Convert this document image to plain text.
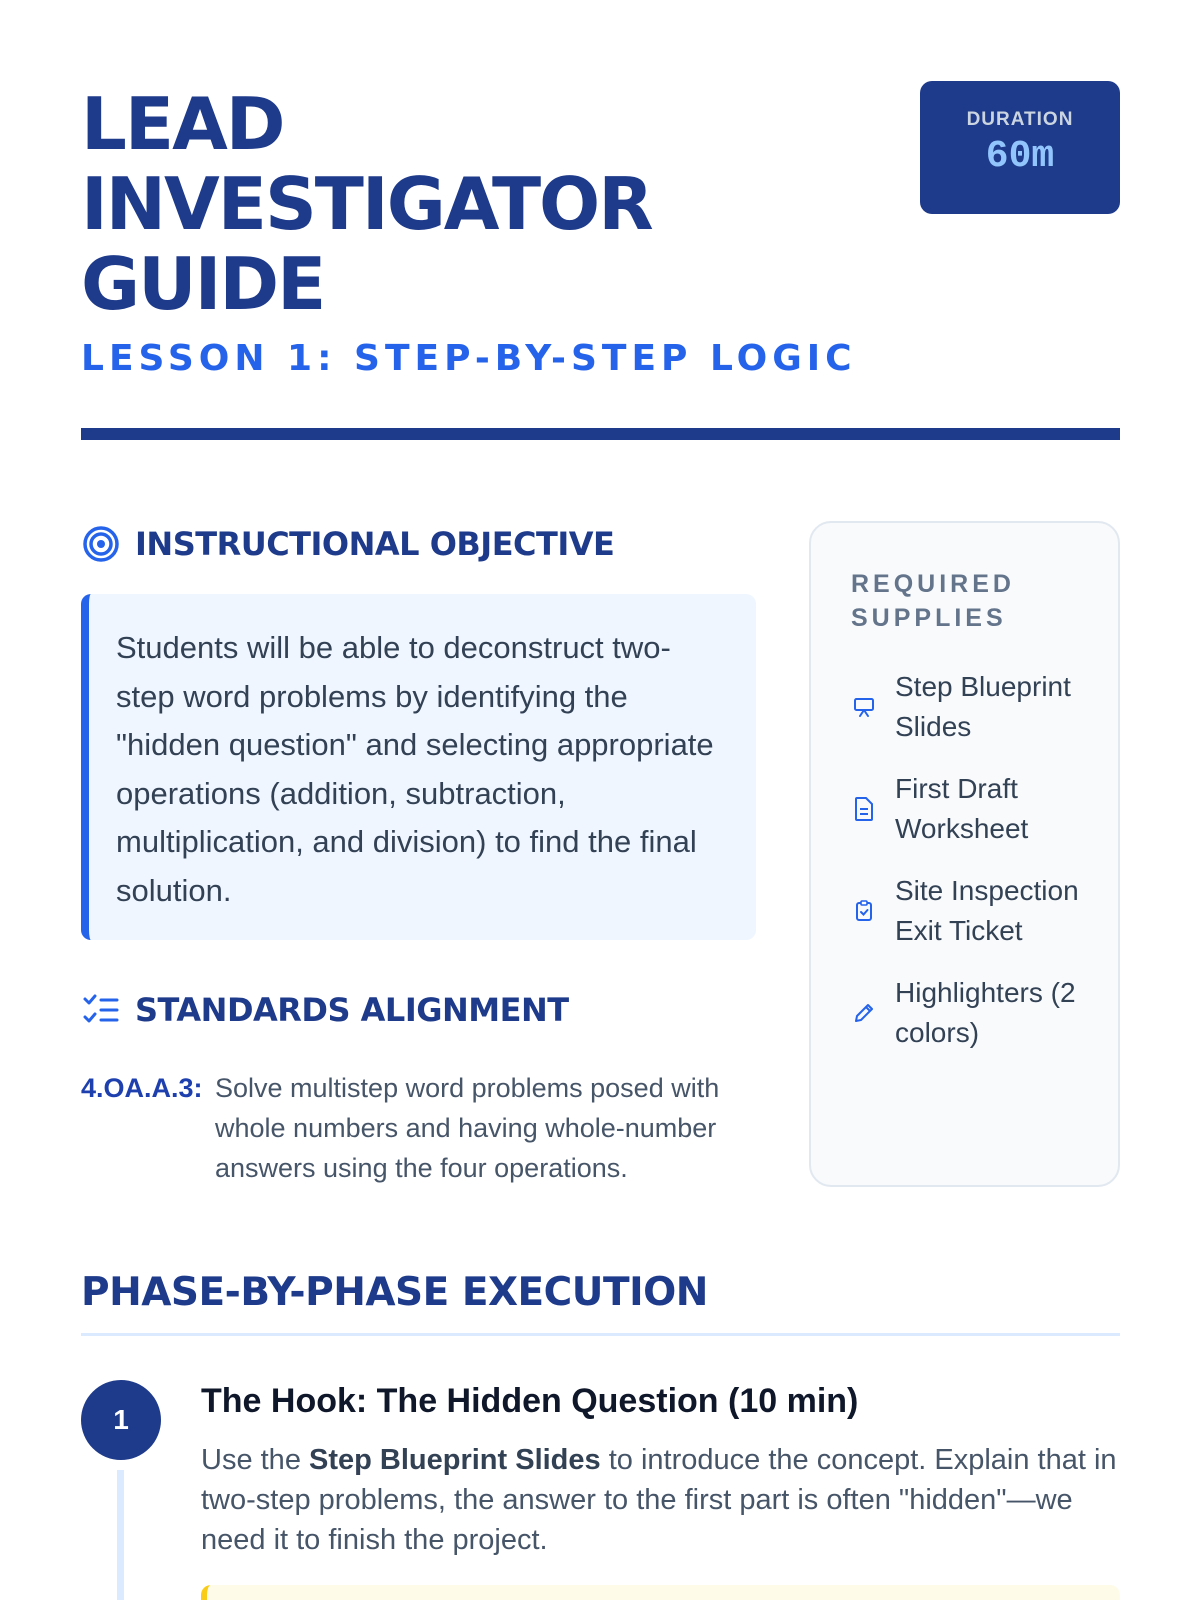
LEAD
INVESTIGATOR
GUIDE
LESSON 1: STEP-BY-STEP LOGIC
DURATION
60m
INSTRUCTIONAL OBJECTIVE
Students will be able to deconstruct two-step word problems by identifying the "hidden question" and selecting appropriate operations (addition, subtraction, multiplication, and division) to find the final solution.
STANDARDS ALIGNMENT
4.OA.A.3: Solve multistep word problems posed with whole numbers and having whole-number answers using the four operations.
REQUIRED SUPPLIES
Step Blueprint Slides
First Draft Worksheet
Site Inspection Exit Ticket
Highlighters (2 colors)
PHASE-BY-PHASE EXECUTION
1	The Hook: The Hidden Question (10 min)

Use the Step Blueprint Slides to introduce the concept. Explain that in two-step problems, the answer to the first part is often "hidden"—we need it to finish the project.
